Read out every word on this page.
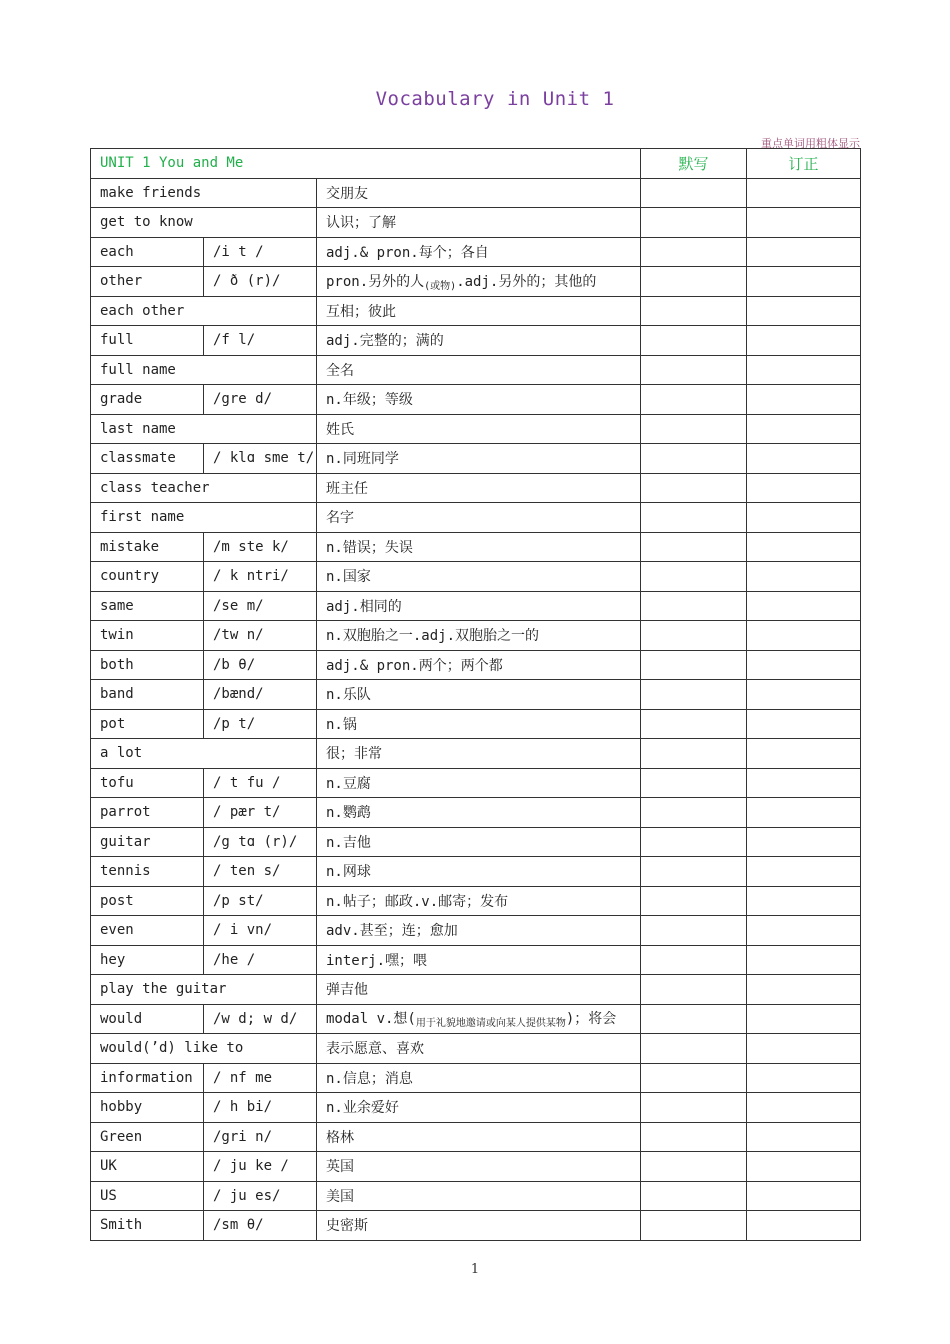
Vocabulary in Unit 1
重点单词用粗体显示
UNIT 1 You and Me			默写	订正
make friends		交朋友		
get to know		认识；了解		
each	/i t /	adj.& pron.每个；各自		
other	/ ð (r)/	pron.另外的人$_{(或物)}$.adj.另外的；其他的		
each other		互相；彼此		
full	/f l/	adj.完整的；满的		
full name		全名		
grade	/gre d/	n.年级；等级		
last name		姓氏		
classmate	/ klɑ sme t/	n.同班同学		
class teacher		班主任		
first name		名字		
mistake	/m ste k/	n.错误；失误		
country	/ k ntri/	n.国家		
same	/se m/	adj.相同的		
twin	/tw n/	n.双胞胎之一.adj.双胞胎之一的		
both	/b θ/	adj.& pron.两个；两个都		
band	/bænd/	n.乐队		
pot	/p t/	n.锅		
a lot		很；非常		
tofu	/ t fu /	n.豆腐		
parrot	/ pær t/	n.鹦鹉		
guitar	/g tɑ (r)/	n.吉他		
tennis	/ ten s/	n.网球		
post	/p st/	n.帖子；邮政.v.邮寄；发布		
even	/ i vn/	adv.甚至；连；愈加		
hey	/he /	interj.嘿；喂		
play the guitar		弹吉他		
would	/w d; w d/	modal v.想$(_{用于礼貌地邀请或向某人提供某物})$；将会		
would(’d) like to		表示愿意、喜欢		
information	/ nf me	n.信息；消息		
hobby	/ h bi/	n.业余爱好		
Green	/gri n/	格林		
UK	/ ju ke /	英国		
US	/ ju es/	美国		
Smith	/sm θ/	史密斯		
1
